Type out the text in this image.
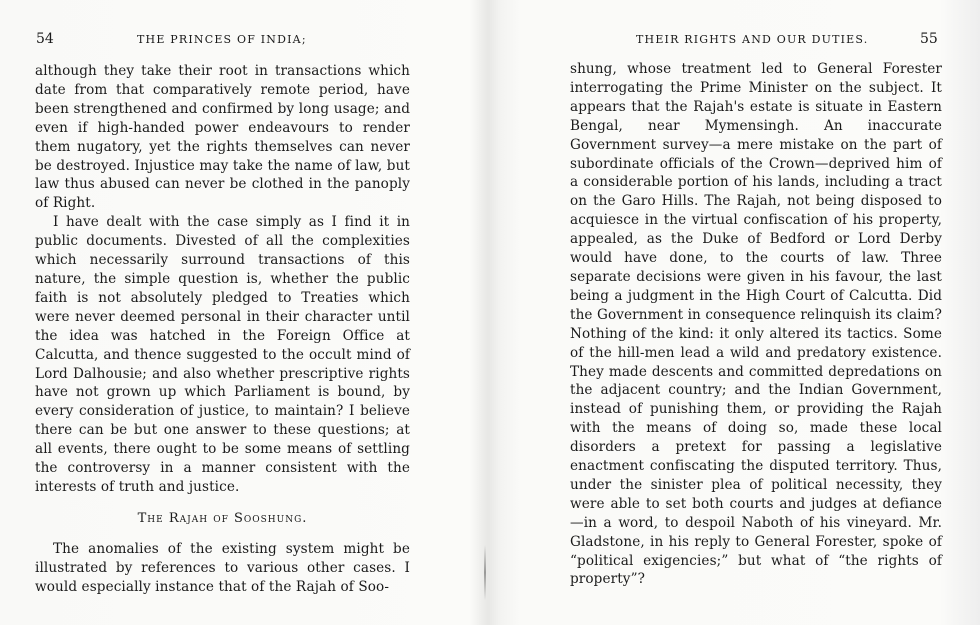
54	THE PRINCES OF INDIA;

although they take their root in transactions which date from that comparatively remote period, have been strengthened and confirmed by long usage; and even if high-handed power endeavours to render them nugatory, yet the rights themselves can never be destroyed. Injustice may take the name of law, but law thus abused can never be clothed in the panoply of Right.

I have dealt with the case simply as I find it in public documents. Divested of all the complexities which necessarily surround transactions of this nature, the simple question is, whether the public faith is not absolutely pledged to Treaties which were never deemed personal in their character until the idea was hatched in the Foreign Office at Calcutta, and thence suggested to the occult mind of Lord Dalhousie; and also whether prescriptive rights have not grown up which Parliament is bound, by every consideration of justice, to maintain? I believe there can be but one answer to these questions; at all events, there ought to be some means of settling the controversy in a manner consistent with the interests of truth and justice.

The Rajah of Sooshung.

The anomalies of the existing system might be illustrated by references to various other cases. I would especially instance that of the Rajah of Soo-

THEIR RIGHTS AND OUR DUTIES.	55

shung, whose treatment led to General Forester interrogating the Prime Minister on the subject. It appears that the Rajah's estate is situate in Eastern Bengal, near Mymensingh. An inaccurate Government survey—a mere mistake on the part of subordinate officials of the Crown—deprived him of a considerable portion of his lands, including a tract on the Garo Hills. The Rajah, not being disposed to acquiesce in the virtual confiscation of his property, appealed, as the Duke of Bedford or Lord Derby would have done, to the courts of law. Three separate decisions were given in his favour, the last being a judgment in the High Court of Calcutta. Did the Government in consequence relinquish its claim? Nothing of the kind: it only altered its tactics. Some of the hill-men lead a wild and predatory existence. They made descents and committed depredations on the adjacent country; and the Indian Government, instead of punishing them, or providing the Rajah with the means of doing so, made these local disorders a pretext for passing a legislative enactment confiscating the disputed territory. Thus, under the sinister plea of political necessity, they were able to set both courts and judges at defiance—in a word, to despoil Naboth of his vineyard. Mr. Gladstone, in his reply to General Forester, spoke of “political exigencies;” but what of “the rights of property”?
